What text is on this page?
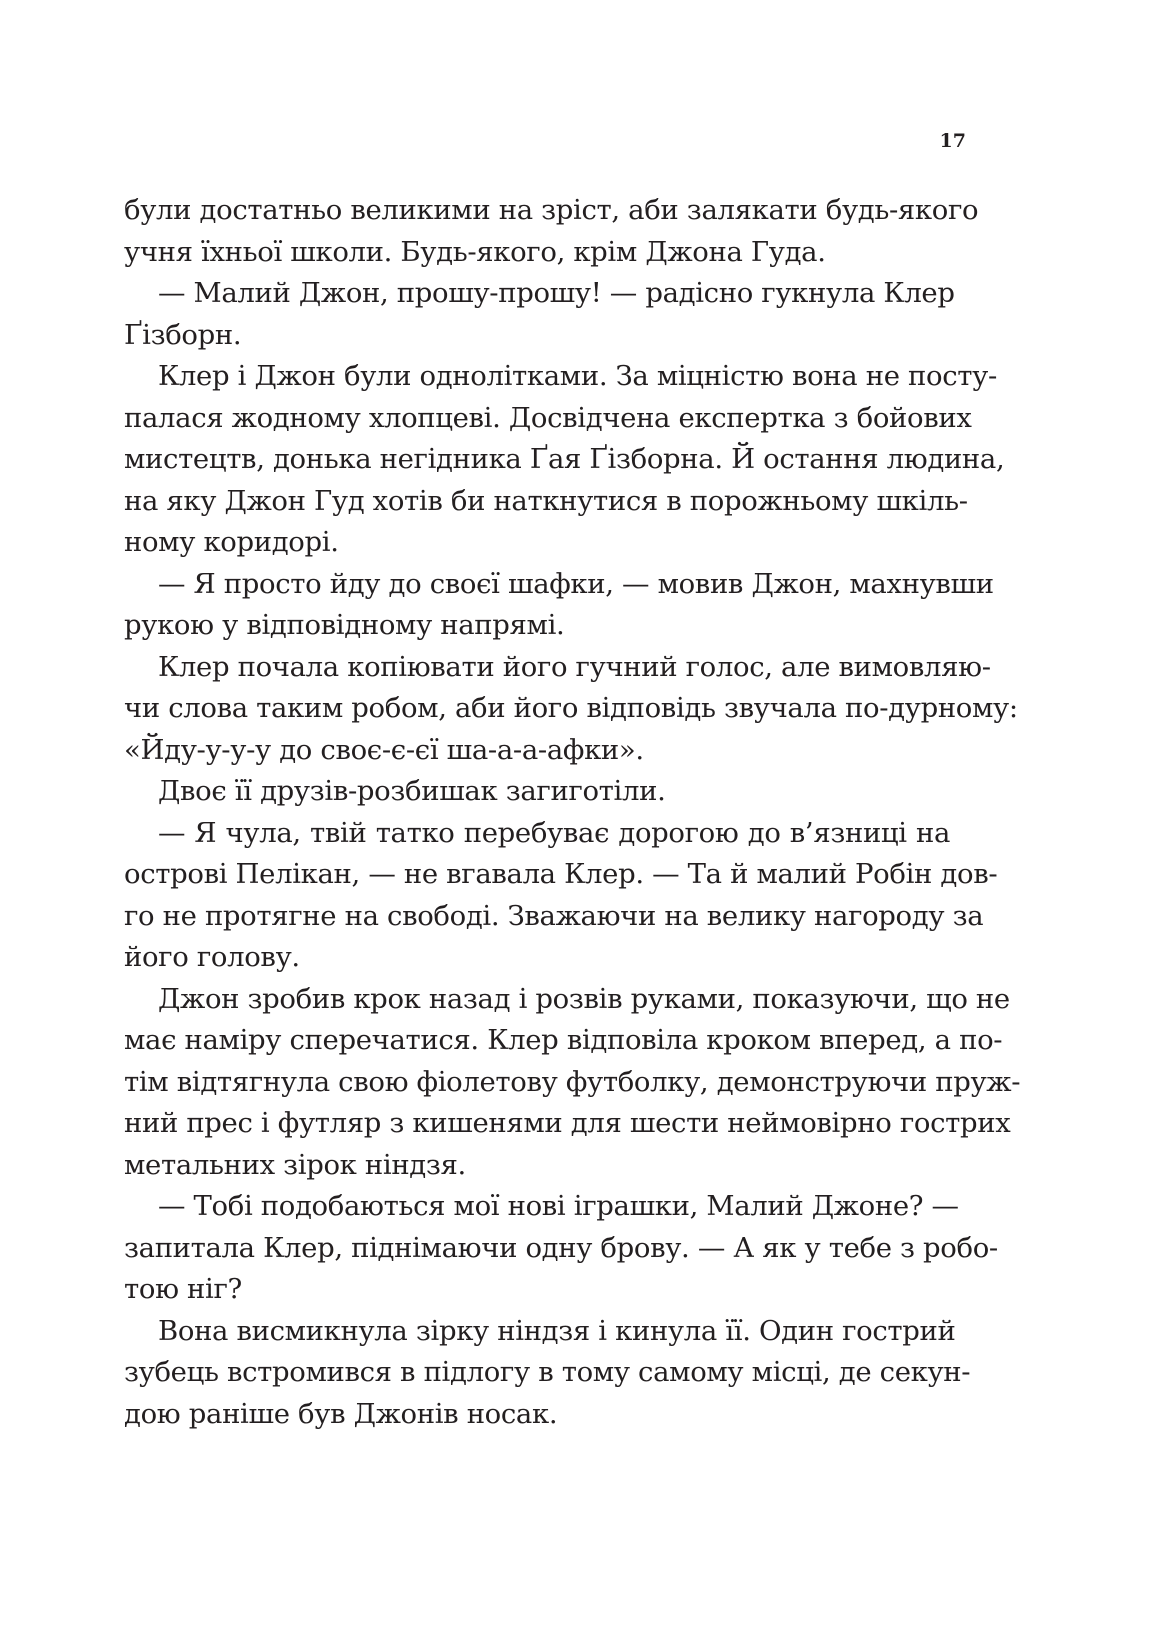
17
були достатньо великими на зріст, аби залякати будь-якого
учня їхньої школи. Будь-якого, крім Джона Гуда.
— Малий Джон, прошу-прошу! — радісно гукнула Клер
Ґізборн.
Клер і Джон були однолітками. За міцністю вона не посту-
палася жодному хлопцеві. Досвідчена експертка з бойових
мистецтв, донька негідника Ґая Ґізборна. Й остання людина,
на яку Джон Гуд хотів би наткнутися в порожньому шкіль-
ному коридорі.
— Я просто йду до своєї шафки, — мовив Джон, махнувши
рукою у відповідному напрямі.
Клер почала копіювати його гучний голос, але вимовляю-
чи слова таким робом, аби його відповідь звучала по-дурному:
«Йду-у-у-у до своє-є-єї ша-а-а-афки».
Двоє її друзів-розбишак загиготіли.
— Я чула, твій татко перебуває дорогою до в’язниці на
острові Пелікан, — не вгавала Клер. — Та й малий Робін дов-
го не протягне на свободі. Зважаючи на велику нагороду за
його голову.
Джон зробив крок назад і розвів руками, показуючи, що не
має наміру сперечатися. Клер відповіла кроком вперед, а по-
тім відтягнула свою фіолетову футболку, демонструючи пруж-
ний прес і футляр з кишенями для шести неймовірно гострих
метальних зірок ніндзя.
— Тобі подобаються мої нові іграшки, Малий Джоне? —
запитала Клер, піднімаючи одну брову. — А як у тебе з робо-
тою ніг?
Вона висмикнула зірку ніндзя і кинула її. Один гострий
зубець встромився в підлогу в тому самому місці, де секун-
дою раніше був Джонів носак.
